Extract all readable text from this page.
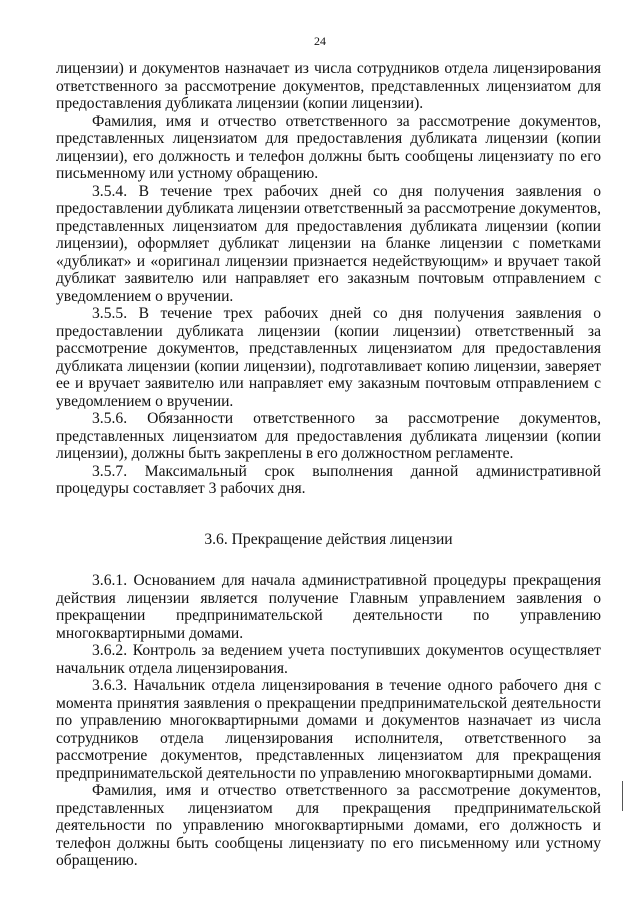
24

лицензии) и документов назначает из числа сотрудников отдела лицензирования ответственного за рассмотрение документов, представленных лицензиатом для предоставления дубликата лицензии (копии лицензии).

Фамилия, имя и отчество ответственного за рассмотрение документов, представленных лицензиатом для предоставления дубликата лицензии (копии лицензии), его должность и телефон должны быть сообщены лицензиату по его письменному или устному обращению.

3.5.4. В течение трех рабочих дней со дня получения заявления о предоставлении дубликата лицензии ответственный за рассмотрение документов, представленных лицензиатом для предоставления дубликата лицензии (копии лицензии), оформляет дубликат лицензии на бланке лицензии с пометками «дубликат» и «оригинал лицензии признается недействующим» и вручает такой дубликат заявителю или направляет его заказным почтовым отправлением с уведомлением о вручении.

3.5.5. В течение трех рабочих дней со дня получения заявления о предоставлении дубликата лицензии (копии лицензии) ответственный за рассмотрение документов, представленных лицензиатом для предоставления дубликата лицензии (копии лицензии), подготавливает копию лицензии, заверяет ее и вручает заявителю или направляет ему заказным почтовым отправлением с уведомлением о вручении.

3.5.6. Обязанности ответственного за рассмотрение документов, представленных лицензиатом для предоставления дубликата лицензии (копии лицензии), должны быть закреплены в его должностном регламенте.

3.5.7. Максимальный срок выполнения данной административной процедуры составляет 3 рабочих дня.

3.6. Прекращение действия лицензии

3.6.1. Основанием для начала административной процедуры прекращения действия лицензии является получение Главным управлением заявления о прекращении предпринимательской деятельности по управлению многоквартирными домами.

3.6.2. Контроль за ведением учета поступивших документов осуществляет начальник отдела лицензирования.

3.6.3. Начальник отдела лицензирования в течение одного рабочего дня с момента принятия заявления о прекращении предпринимательской деятельности по управлению многоквартирными домами и документов назначает из числа сотрудников отдела лицензирования исполнителя, ответственного за рассмотрение документов, представленных лицензиатом для прекращения предпринимательской деятельности по управлению многоквартирными домами.

Фамилия, имя и отчество ответственного за рассмотрение документов, представленных лицензиатом для прекращения предпринимательской деятельности по управлению многоквартирными домами, его должность и телефон должны быть сообщены лицензиату по его письменному или устному обращению.
